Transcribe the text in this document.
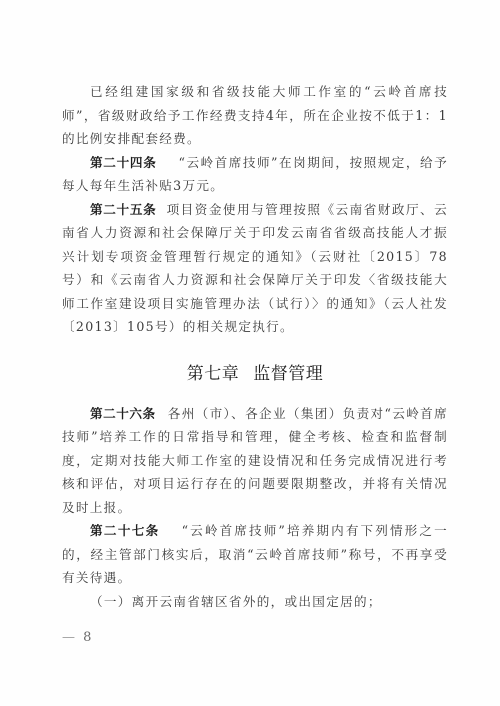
已经组建国家级和省级技能大师工作室的“云岭首席技师”，省级财政给予工作经费支持4年，所在企业按不低于1：1的比例安排配套经费。

第二十四条 “云岭首席技师”在岗期间，按照规定，给予每人每年生活补贴3万元。

第二十五条 项目资金使用与管理按照《云南省财政厅、云南省人力资源和社会保障厅关于印发云南省省级高技能人才振兴计划专项资金管理暂行规定的通知》（云财社〔2015〕78号）和《云南省人力资源和社会保障厅关于印发〈省级技能大师工作室建设项目实施管理办法（试行）〉的通知》（云人社发〔2013〕105号）的相关规定执行。

第七章 监督管理

第二十六条 各州（市）、各企业（集团）负责对“云岭首席技师”培养工作的日常指导和管理，健全考核、检查和监督制度，定期对技能大师工作室的建设情况和任务完成情况进行考核和评估，对项目运行存在的问题要限期整改，并将有关情况及时上报。

第二十七条 “云岭首席技师”培养期内有下列情形之一的，经主管部门核实后，取消“云岭首席技师”称号，不再享受有关待遇。

（一）离开云南省辖区省外的，或出国定居的；

— 8
